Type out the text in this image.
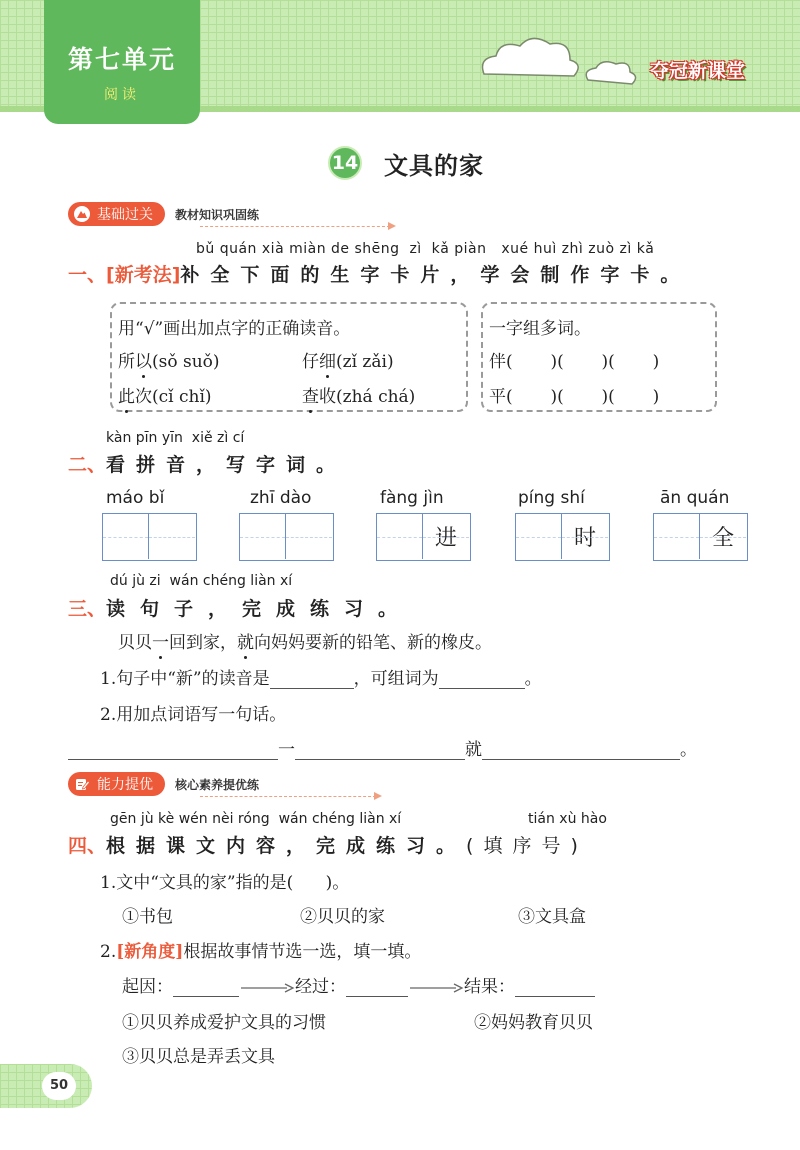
第七单元
阅读
夺冠新课堂
14 文具的家
基础过关 教材知识巩固练
bǔ quán xià miàn de shēng zì kǎ piàn xué huì zhì zuò zì kǎ
一、[新考法]补全下面的生字卡片，学会制作字卡。
用“√”画出加点字的正确读音。
所以(sǒ suǒ)	仔细(zǐ zǎi)
此次(cǐ chǐ)	查收(zhá chá)
一字组多词。
伴(       )(       )(       )
平(       )(       )(       )
kàn pīn yīn  xiě zì cí
二、看拼音，写字词。
máo bǐ	zhī dào	fàng jìn
进
píng shí
时
ān quán
全
dú jù zi  wán chéng liàn xí
三、读句子，完成练习。
贝贝一回到家，就向妈妈要新的铅笔、新的橡皮。
1.句子中“新”的读音是	，可组词为	。
2.用加点词语写一句话。
一	就	。
能力提优 核心素养提优练
gēn jù kè wén nèi róng  wán chéng liàn xí	tián xù hào
四、根据课文内容，完成练习。(填序号)
1.文中“文具的家”指的是(      )。
①书包	②贝贝的家	③文具盒
2.[新角度]根据故事情节选一选，填一填。
起因：	经过：	结果：
①贝贝养成爱护文具的习惯	②妈妈教育贝贝
③贝贝总是弄丢文具
50
